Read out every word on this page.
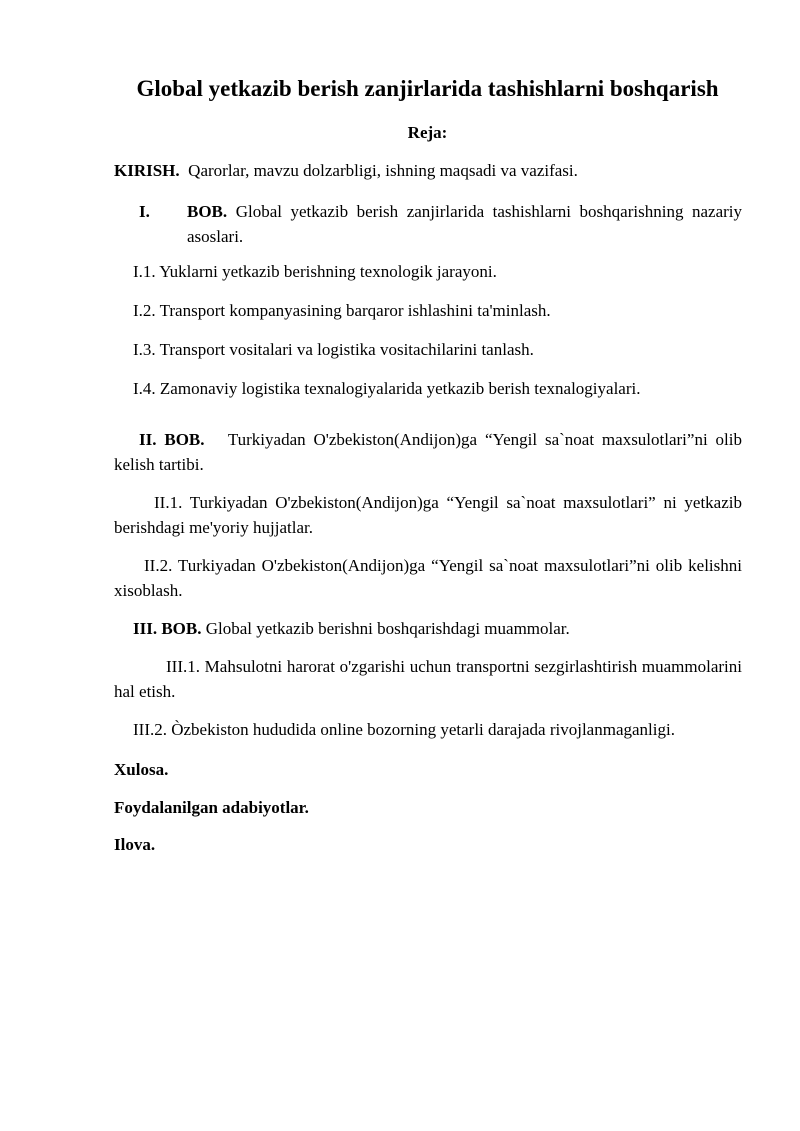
Global yetkazib berish zanjirlarida tashishlarni boshqarish
Reja:
KIRISH. Qarorlar, mavzu dolzarbligi, ishning maqsadi va vazifasi.
I. BOB. Global yetkazib berish zanjirlarida tashishlarni boshqarishning nazariy asoslari.
I.1. Yuklarni yetkazib berishning texnologik jarayoni.
I.2. Transport kompanyasining barqaror ishlashini ta'minlash.
I.3. Transport vositalari va logistika vositachilarini tanlash.
I.4. Zamonaviy logistika texnalogiyalarida yetkazib berish texnalogiyalari.
II. BOB. Turkiyadan O'zbekiston(Andijon)ga “Yengil sa`noat maxsulotlari”ni olib kelish tartibi.
II.1. Turkiyadan O'zbekiston(Andijon)ga “Yengil sa`noat maxsulotlari” ni yetkazib berishdagi me'yoriy hujjatlar.
II.2. Turkiyadan O'zbekiston(Andijon)ga “Yengil sa`noat maxsulotlari”ni olib kelishni xisoblash.
III. BOB. Global yetkazib berishni boshqarishdagi muammolar.
III.1. Mahsulotni harorat o'zgarishi uchun transportni sezgirlashtirish muammolarini hal etish.
III.2. Òzbekiston hududida online bozorning yetarli darajada rivojlanmaganligi.
Xulosa.
Foydalanilgan adabiyotlar.
Ilova.
